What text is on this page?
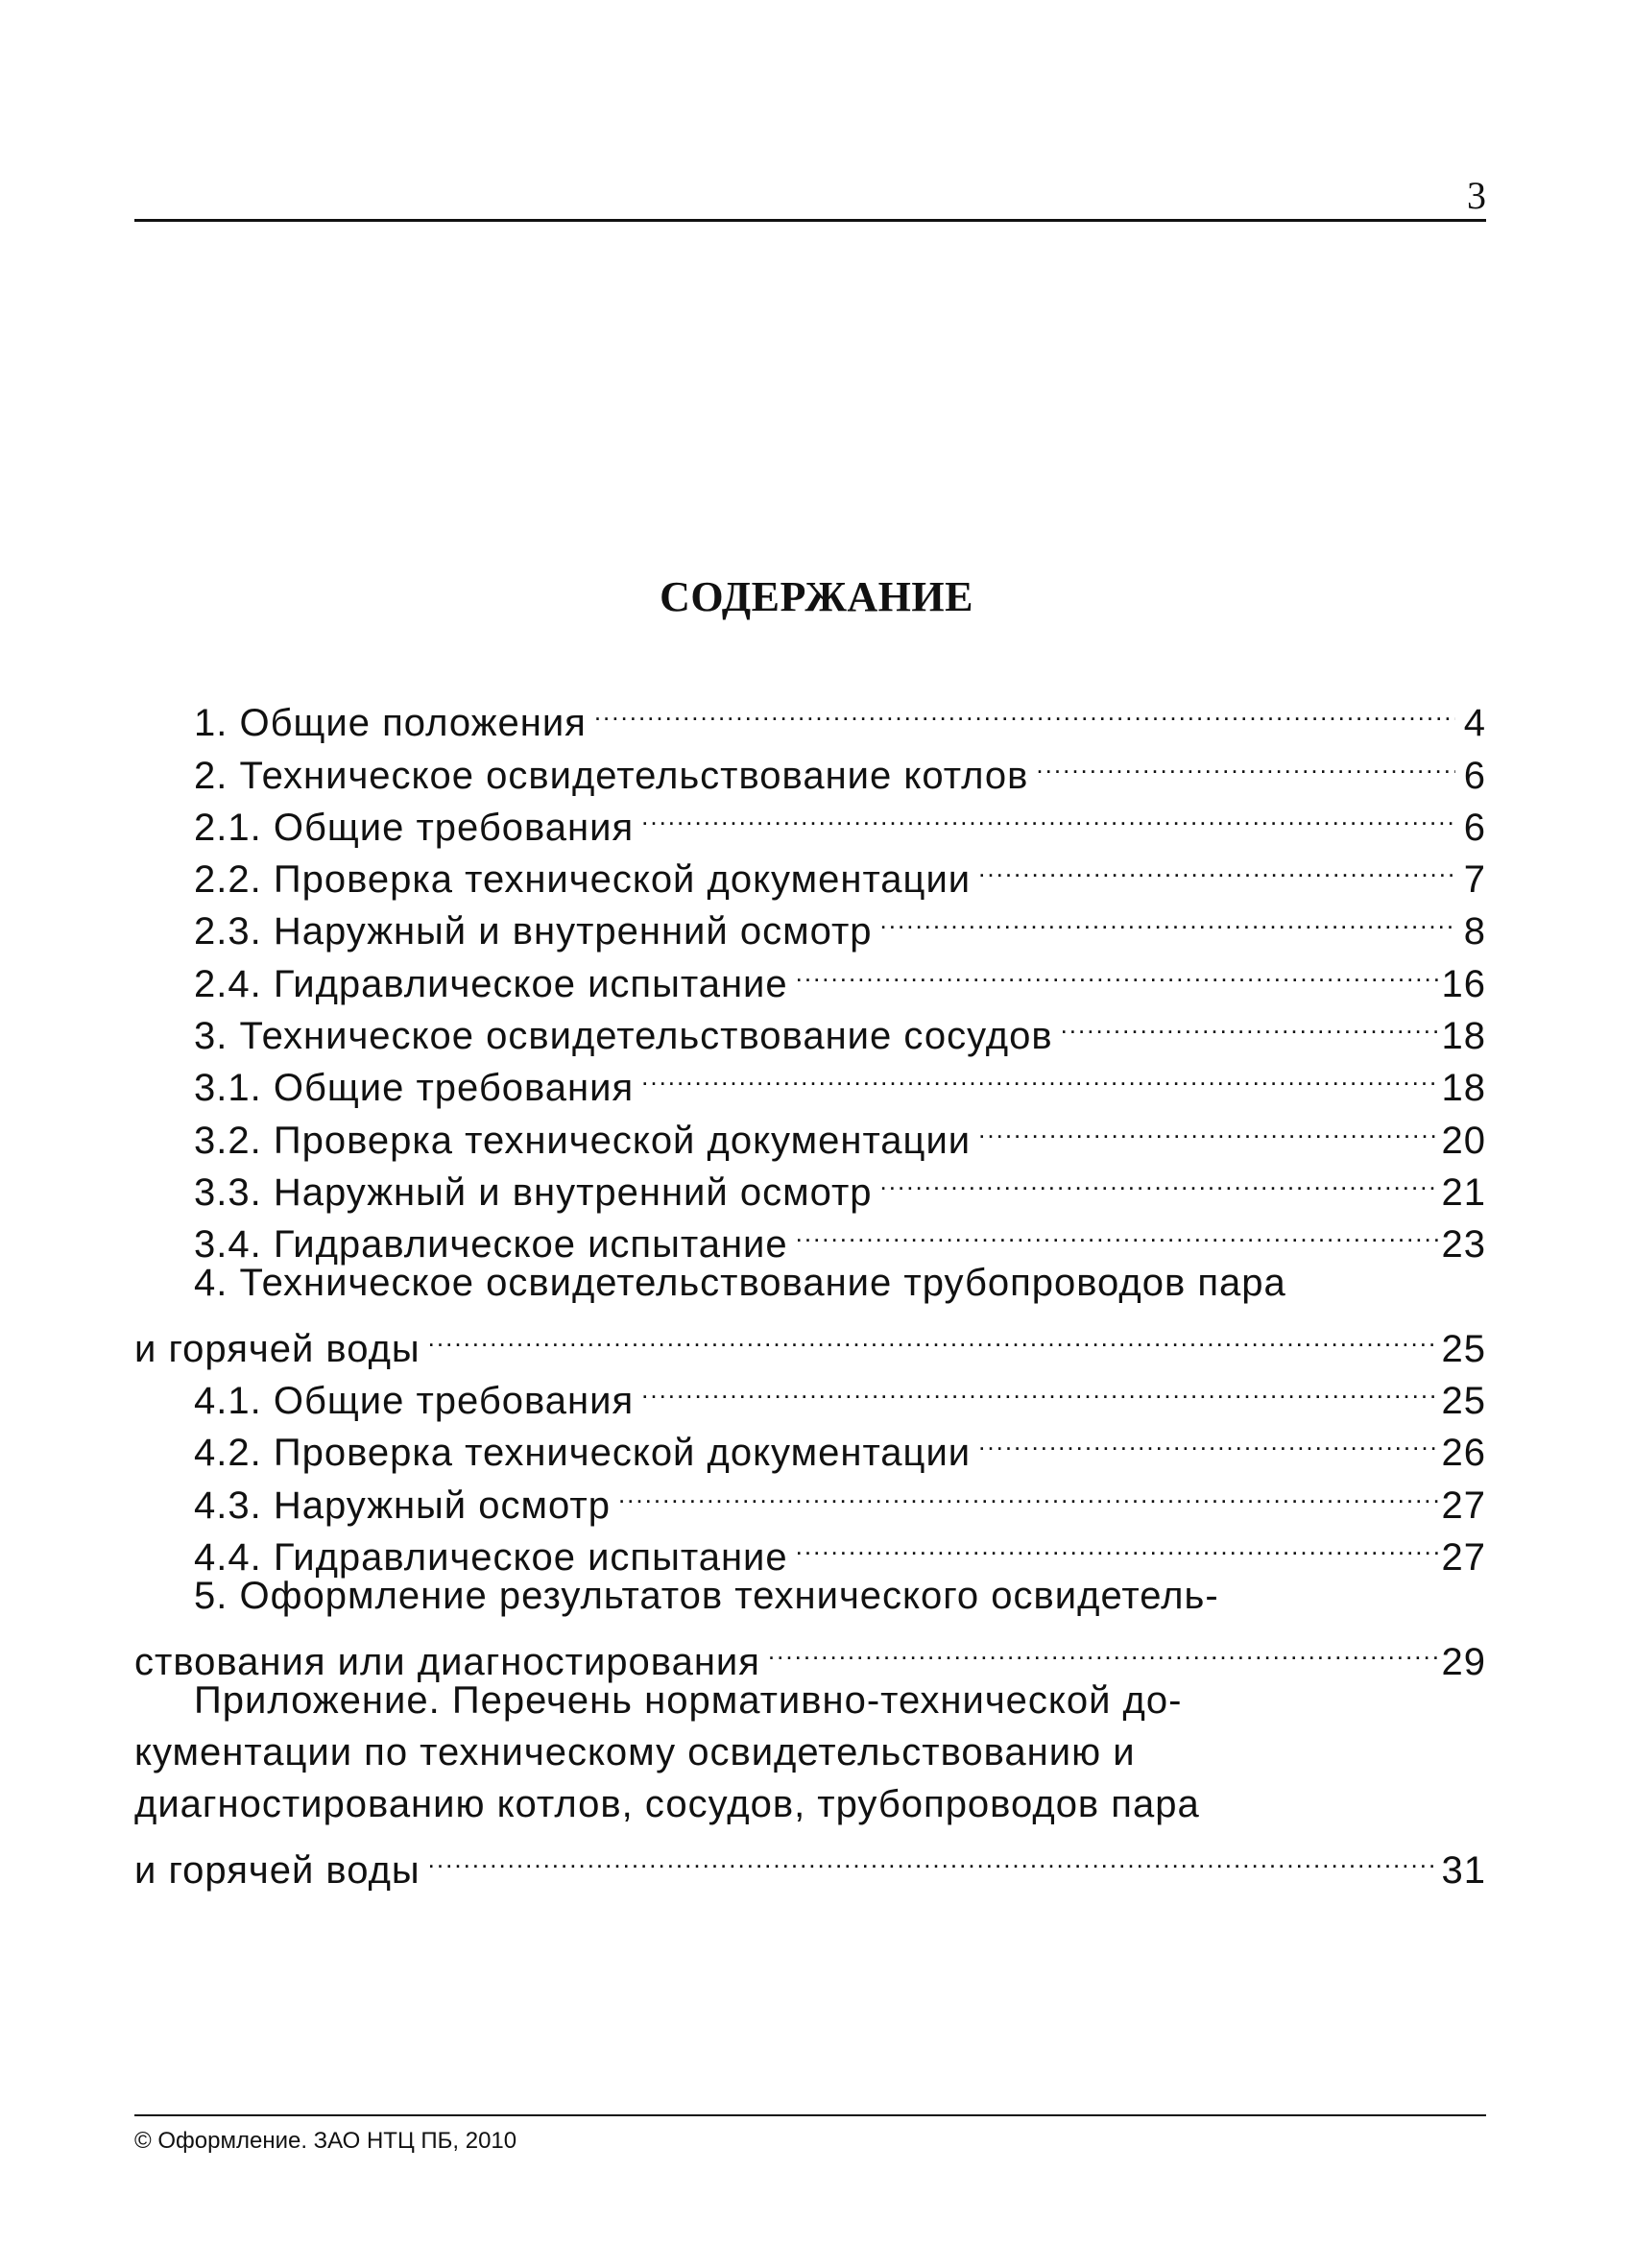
3
СОДЕРЖАНИЕ
1. Общие положения .....	4
2. Техническое освидетельствование котлов .....	6
2.1. Общие требования .....	6
2.2. Проверка технической документации .....	7
2.3. Наружный и внутренний осмотр .....	8
2.4. Гидравлическое испытание .....	16
3. Техническое освидетельствование сосудов .....	18
3.1. Общие требования .....	18
3.2. Проверка технической документации .....	20
3.3. Наружный и внутренний осмотр .....	21
3.4. Гидравлическое испытание .....	23
4. Техническое освидетельствование трубопроводов пара
и горячей воды .....	25
4.1. Общие требования .....	25
4.2. Проверка технической документации .....	26
4.3. Наружный осмотр .....	27
4.4. Гидравлическое испытание .....	27
5. Оформление результатов технического освидетель-
ствования или диагностирования .....	29
Приложение. Перечень нормативно-технической до-
кументации по техническому освидетельствованию и
диагностированию котлов, сосудов, трубопроводов пара
и горячей воды .....	31
© Оформление. ЗАО НТЦ ПБ, 2010
